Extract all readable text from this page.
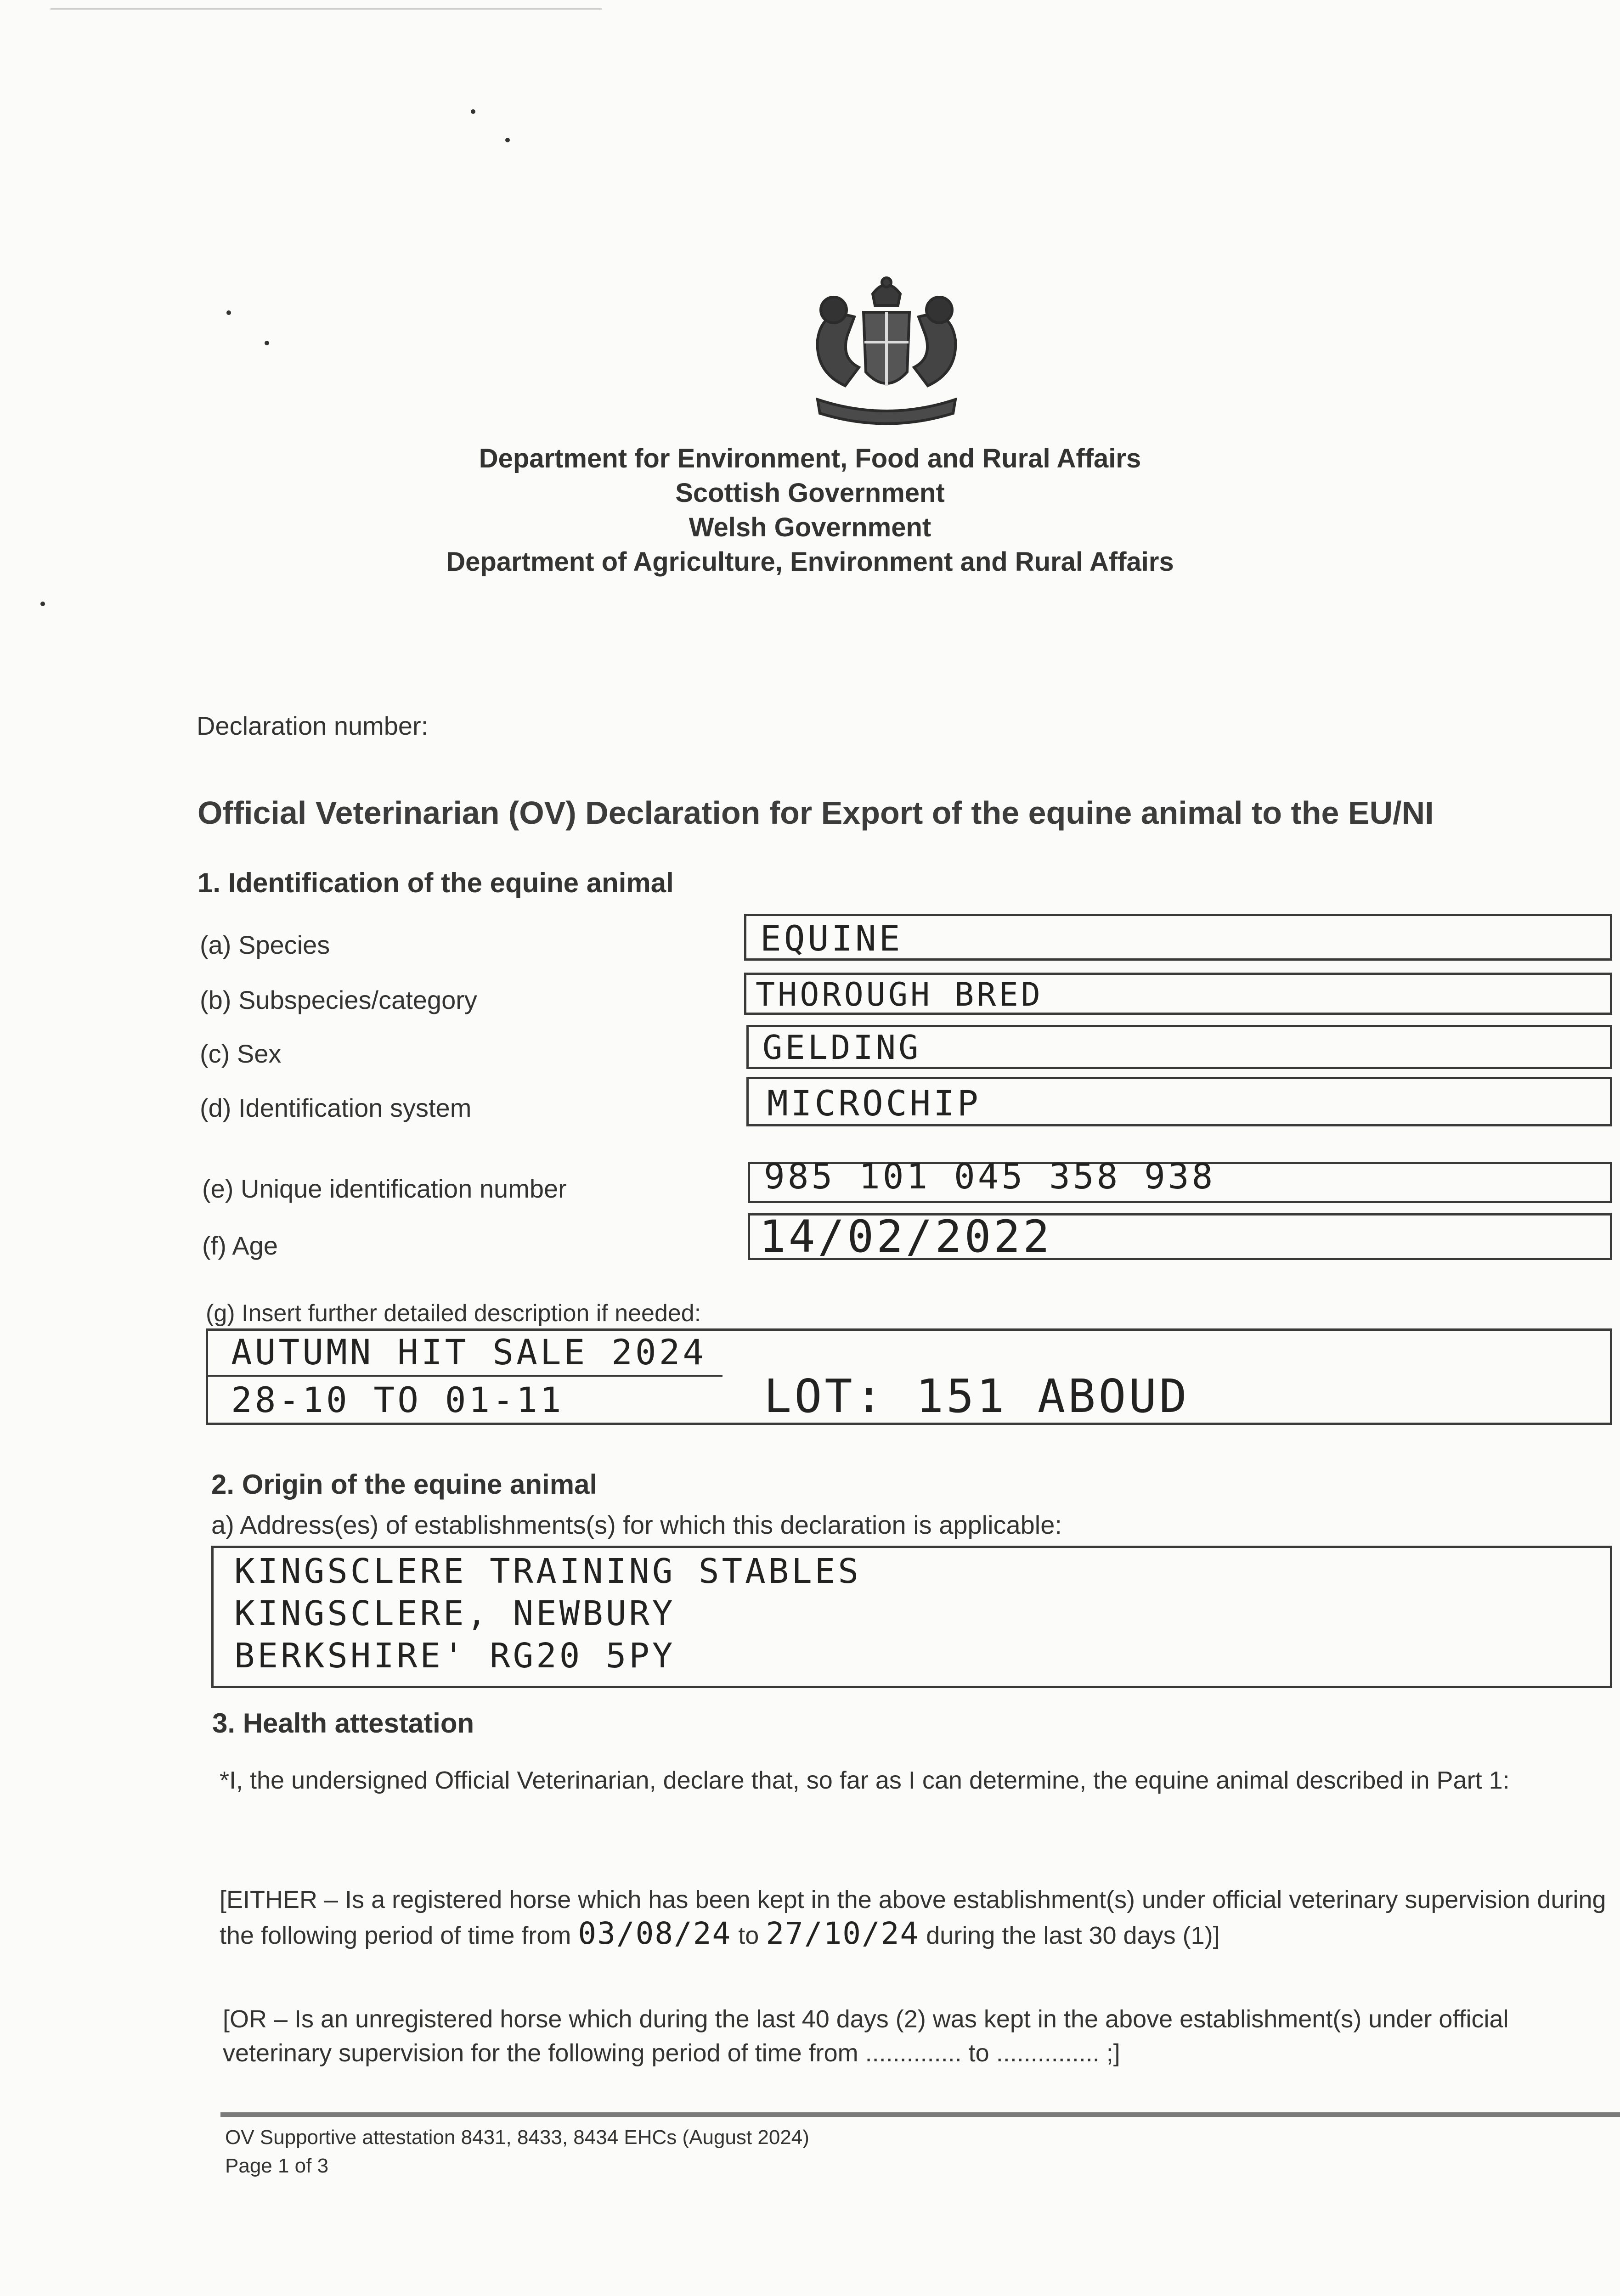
Department for Environment, Food and Rural Affairs
Scottish Government
Welsh Government
Department of Agriculture, Environment and Rural Affairs
Declaration number:
Official Veterinarian (OV) Declaration for Export of the equine animal to the EU/NI
1. Identification of the equine animal
(a) Species	EQUINE
(b) Subspecies/category	THOROUGH BRED
(c) Sex	GELDING
(d) Identification system	MICROCHIP
(e) Unique identification number	985 101 045 358 938
(f) Age	14/02/2022
(g) Insert further detailed description if needed:
AUTUMN HIT SALE 2024
28-10 TO 01-11	LOT: 151 ABOUD
2. Origin of the equine animal
a) Address(es) of establishments(s) for which this declaration is applicable:
KINGSCLERE TRAINING STABLES
KINGSCLERE, NEWBURY
BERKSHIRE' RG20 5PY
3. Health attestation
*I, the undersigned Official Veterinarian, declare that, so far as I can determine, the equine animal described in Part 1:
[EITHER – Is a registered horse which has been kept in the above establishment(s) under official veterinary supervision during the following period of time from 03/08/24 to 27/10/24 during the last 30 days (1)]
[OR – Is an unregistered horse which during the last 40 days (2) was kept in the above establishment(s) under official veterinary supervision for the following period of time from .............. to ............... ;]
OV Supportive attestation 8431, 8433, 8434 EHCs (August 2024)
Page 1 of 3
